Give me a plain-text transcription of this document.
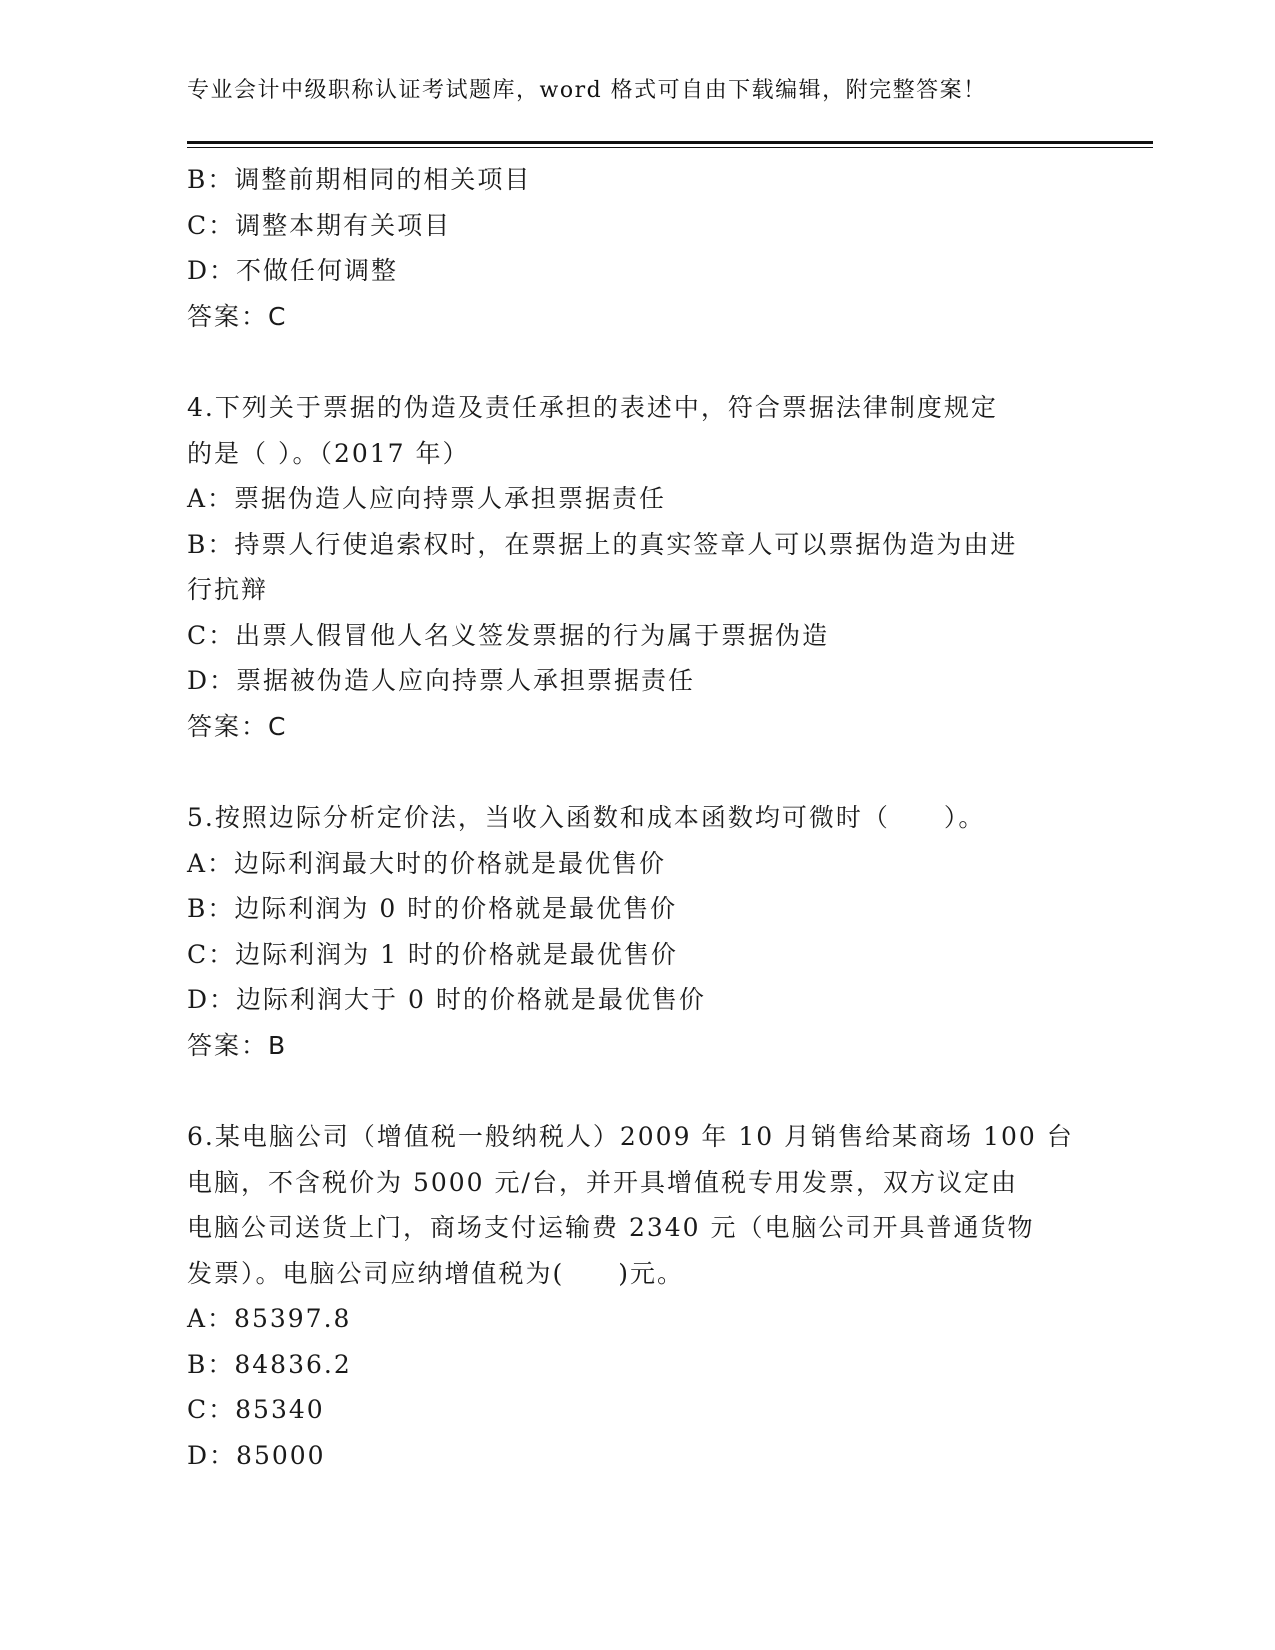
专业会计中级职称认证考试题库，word 格式可自由下载编辑，附完整答案！

B：调整前期相同的相关项目

C：调整本期有关项目

D：不做任何调整

答案：C

4.下列关于票据的伪造及责任承担的表述中，符合票据法律制度规定

的是（ ）。（2017 年）

A：票据伪造人应向持票人承担票据责任

B：持票人行使追索权时，在票据上的真实签章人可以票据伪造为由进

行抗辩

C：出票人假冒他人名义签发票据的行为属于票据伪造

D：票据被伪造人应向持票人承担票据责任

答案：C

5.按照边际分析定价法，当收入函数和成本函数均可微时（　　）。

A：边际利润最大时的价格就是最优售价

B：边际利润为 0 时的价格就是最优售价

C：边际利润为 1 时的价格就是最优售价

D：边际利润大于 0 时的价格就是最优售价

答案：B

6.某电脑公司（增值税一般纳税人）2009 年 10 月销售给某商场 100 台

电脑，不含税价为 5000 元/台，并开具增值税专用发票，双方议定由

电脑公司送货上门，商场支付运输费 2340 元（电脑公司开具普通货物

发票）。电脑公司应纳增值税为(　　)元。

A：85397.8

B：84836.2

C：85340

D：85000
